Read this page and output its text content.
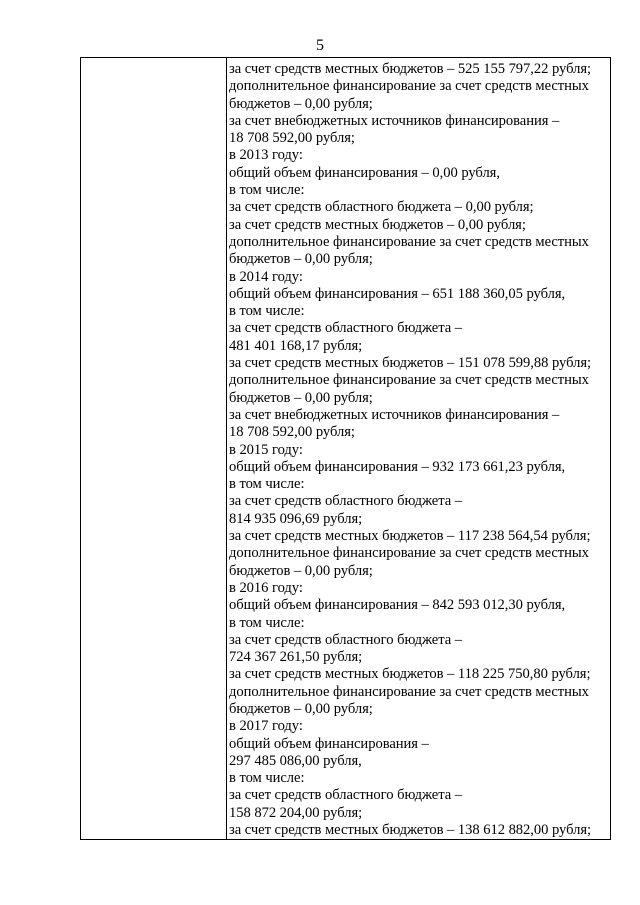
5
за счет средств местных бюджетов – 525 155 797,22 рубля;
дополнительное финансирование за счет средств местных
бюджетов – 0,00 рубля;
за счет внебюджетных источников финансирования –
18 708 592,00 рубля;
в 2013 году:
общий объем финансирования – 0,00 рубля,
в том числе:
за счет средств областного бюджета – 0,00 рубля;
за счет средств местных бюджетов – 0,00 рубля;
дополнительное финансирование за счет средств местных
бюджетов – 0,00 рубля;
в 2014 году:
общий объем финансирования – 651 188 360,05 рубля,
в том числе:
за счет средств областного бюджета –
481 401 168,17 рубля;
за счет средств местных бюджетов – 151 078 599,88 рубля;
дополнительное финансирование за счет средств местных
бюджетов – 0,00 рубля;
за счет внебюджетных источников финансирования –
18 708 592,00 рубля;
в 2015 году:
общий объем финансирования – 932 173 661,23 рубля,
в том числе:
за счет средств областного бюджета –
814 935 096,69 рубля;
за счет средств местных бюджетов – 117 238 564,54 рубля;
дополнительное финансирование за счет средств местных
бюджетов – 0,00 рубля;
в 2016 году:
общий объем финансирования – 842 593 012,30 рубля,
в том числе:
за счет средств областного бюджета –
724 367 261,50 рубля;
за счет средств местных бюджетов – 118 225 750,80 рубля;
дополнительное финансирование за счет средств местных
бюджетов – 0,00 рубля;
в 2017 году:
общий объем финансирования –
297 485 086,00 рубля,
в том числе:
за счет средств областного бюджета –
158 872 204,00 рубля;
за счет средств местных бюджетов – 138 612 882,00 рубля;
